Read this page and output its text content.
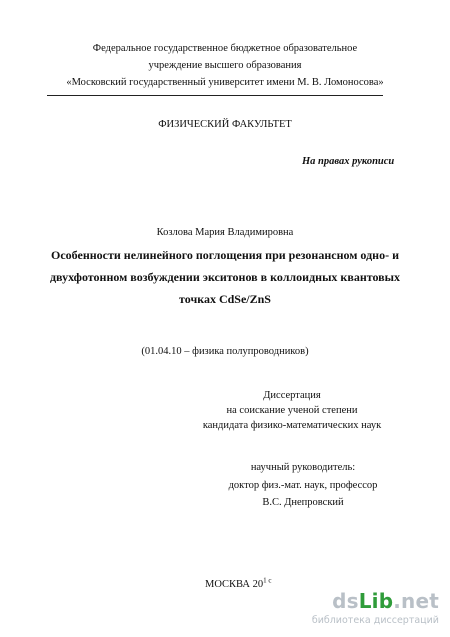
Федеральное государственное бюджетное образовательное
учреждение высшего образования
«Московский государственный университет имени М. В. Ломоносова»
ФИЗИЧЕСКИЙ ФАКУЛЬТЕТ
На правах рукописи
Козлова Мария Владимировна
Особенности нелинейного поглощения при резонансном одно- и
двухфотонном возбуждении экситонов в коллоидных квантовых
точках CdSe/ZnS
(01.04.10 – физика полупроводников)
Диссертация
на соискание ученой степени
кандидата физико-математических наук
научный руководитель:
доктор физ.-мат. наук, профессор
В.С. Днепровский
МОСКВА $20^{1 с}$
dsLib.net
библиотека диссертаций
